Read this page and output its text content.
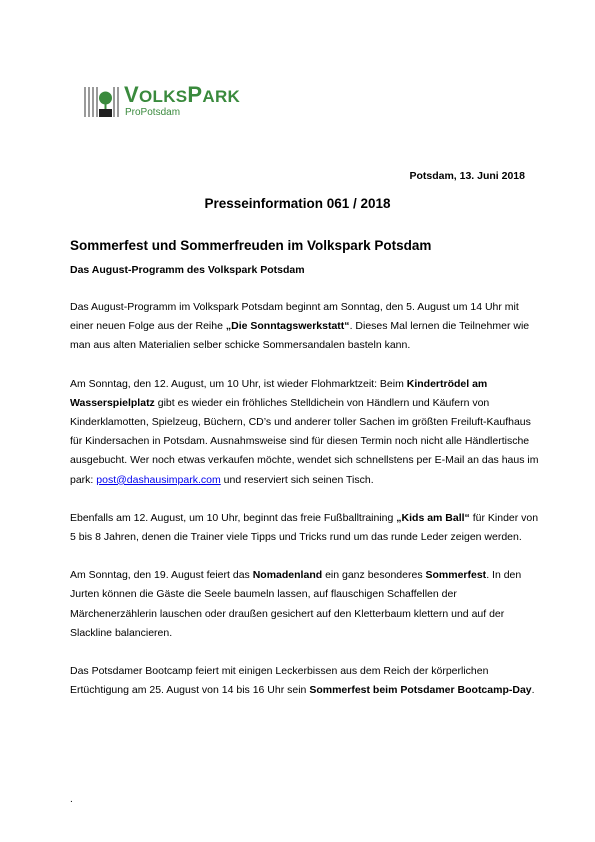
VOLKSPARK
ProPotsdam
Potsdam, 13. Juni 2018
Presseinformation 061 / 2018
Sommerfest und Sommerfreuden im Volkspark Potsdam
Das August-Programm des Volkspark Potsdam

Das August-Programm im Volkspark Potsdam beginnt am Sonntag, den 5. August um 14 Uhr mit einer neuen Folge aus der Reihe „Die Sonntagswerkstatt“. Dieses Mal lernen die Teilnehmer wie man aus alten Materialien selber schicke Sommersandalen basteln kann.

Am Sonntag, den 12. August, um 10 Uhr, ist wieder Flohmarktzeit: Beim Kindertrödel am Wasserspielplatz gibt es wieder ein fröhliches Stelldichein von Händlern und Käufern von Kinderklamotten, Spielzeug, Büchern, CD’s und anderer toller Sachen im größten Freiluft-Kaufhaus für Kindersachen in Potsdam. Ausnahmsweise sind für diesen Termin noch nicht alle Händlertische ausgebucht. Wer noch etwas verkaufen möchte, wendet sich schnellstens per E-Mail an das haus im park: post@dashausimpark.com und reserviert sich seinen Tisch.

Ebenfalls am 12. August, um 10 Uhr, beginnt das freie Fußballtraining „Kids am Ball“ für Kinder von 5 bis 8 Jahren, denen die Trainer viele Tipps und Tricks rund um das runde Leder zeigen werden.

Am Sonntag, den 19. August feiert das Nomadenland ein ganz besonderes Sommerfest. In den Jurten können die Gäste die Seele baumeln lassen, auf flauschigen Schaffellen der Märchenerzählerin lauschen oder draußen gesichert auf den Kletterbaum klettern und auf der Slackline balancieren.

Das Potsdamer Bootcamp feiert mit einigen Leckerbissen aus dem Reich der körperlichen Ertüchtigung am 25. August von 14 bis 16 Uhr sein Sommerfest beim Potsdamer Bootcamp-Day.

.
